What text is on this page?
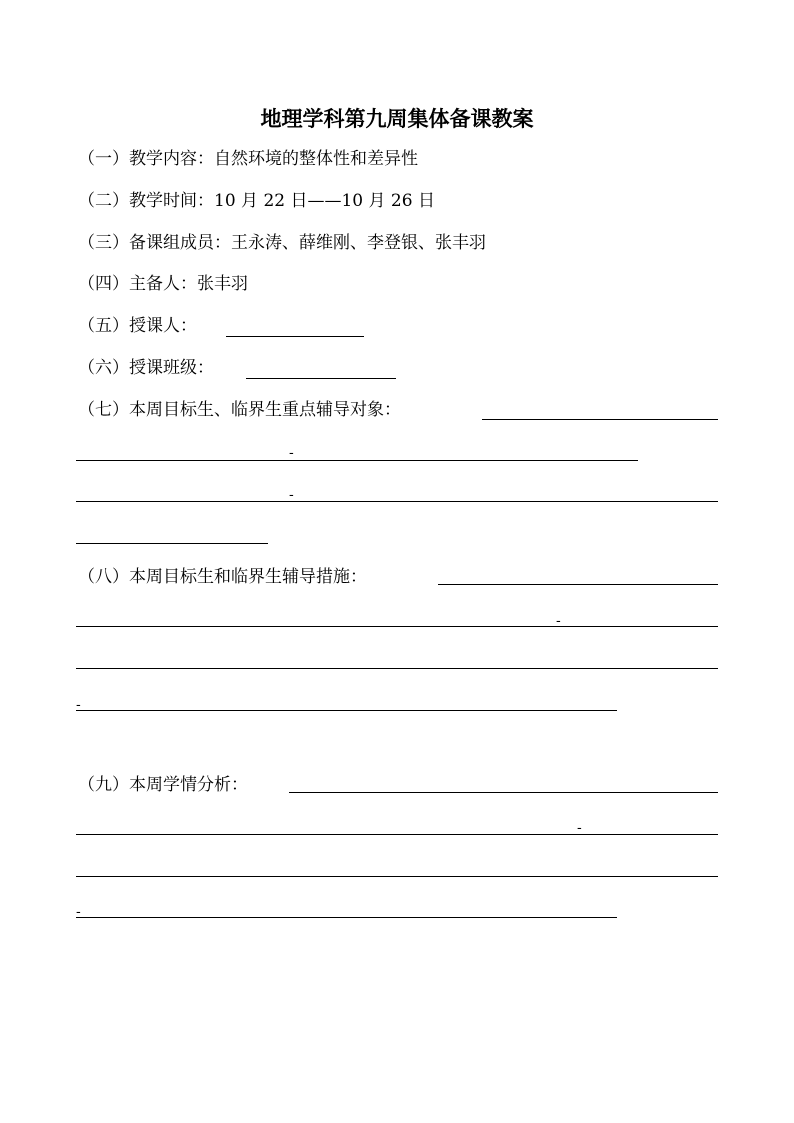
地理学科第九周集体备课教案
（一）教学内容：自然环境的整体性和差异性
（二）教学时间：10 月 22 日——10 月 26 日
（三）备课组成员：王永涛、薛维刚、李登银、张丰羽
（四）主备人：张丰羽
（五）授课人：
（六）授课班级：
（七）本周目标生、临界生重点辅导对象：
-
-
（八）本周目标生和临界生辅导措施：
-
-
（九）本周学情分析：
-
-
